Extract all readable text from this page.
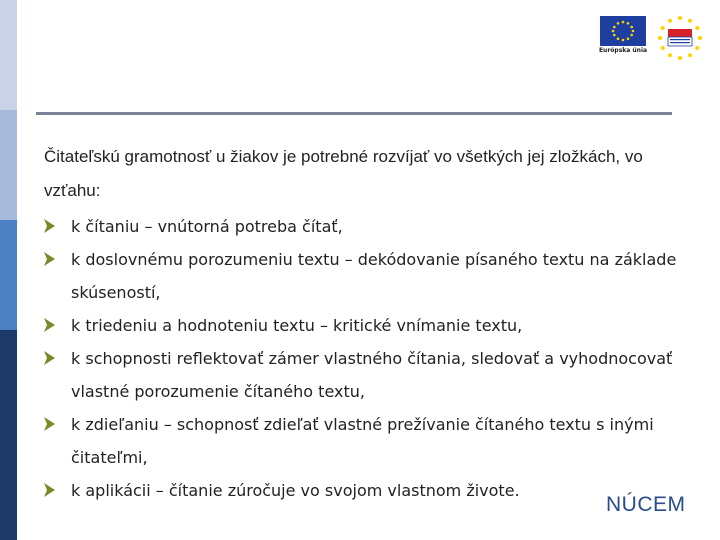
Európska únia
Čitateľskú gramotnosť u žiakov je potrebné rozvíjať vo všetkých jej zložkách, vo vzťahu:
k čítaniu – vnútorná potreba čítať,
k doslovnému porozumeniu textu – dekódovanie písaného textu na základe skúseností,
k triedeniu a hodnoteniu textu – kritické vnímanie textu,
k schopnosti reflektovať zámer vlastného čítania, sledovať a vyhodnocovať vlastné porozumenie čítaného textu,
k zdieľaniu – schopnosť zdieľať vlastné prežívanie čítaného textu s inými čitateľmi,
k aplikácii – čítanie zúročuje vo svojom vlastnom živote.
NÚCEM
